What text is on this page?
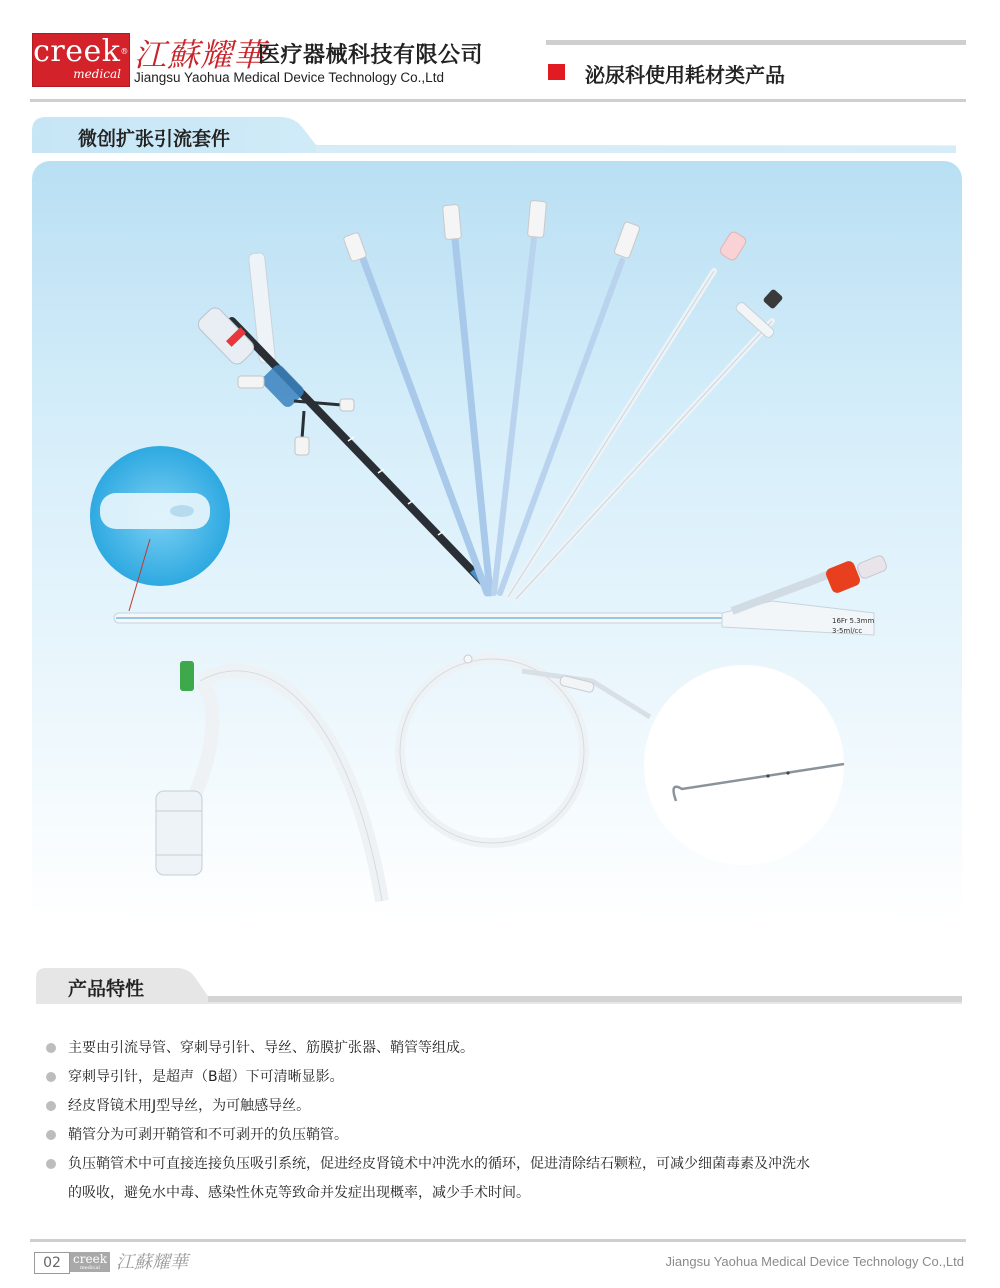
creek®
medical 江蘇耀華
医疗器械科技有限公司
Jiangsu Yaohua Medical Device Technology Co.,Ltd	泌尿科使用耗材类产品
微创扩张引流套件
16Fr 5.3mm
3-5ml/cc
产品特性
主要由引流导管、穿刺导引针、导丝、筋膜扩张器、鞘管等组成。
穿刺导引针，是超声（B超）下可清晰显影。
经皮肾镜术用J型导丝，为可触感导丝。
鞘管分为可剥开鞘管和不可剥开的负压鞘管。
负压鞘管术中可直接连接负压吸引系统，促进经皮肾镜术中冲洗水的循环，促进清除结石颗粒，可减少细菌毒素及冲洗水
的吸收，避免水中毒、感染性休克等致命并发症出现概率，减少手术时间。
02	creek
medical 江蘇耀華	Jiangsu Yaohua Medical Device Technology Co.,Ltd
